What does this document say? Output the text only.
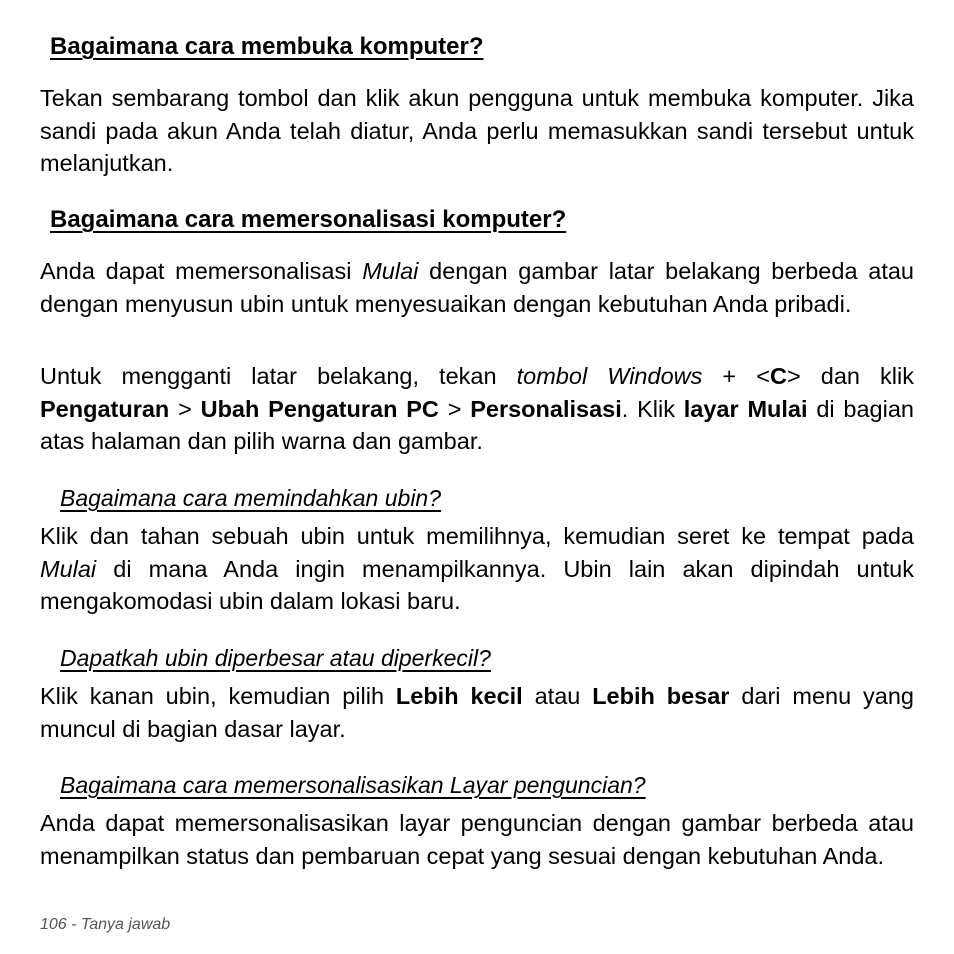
Bagaimana cara membuka komputer?
Tekan sembarang tombol dan klik akun pengguna untuk membuka komputer. Jika sandi pada akun Anda telah diatur, Anda perlu memasukkan sandi tersebut untuk melanjutkan.
Bagaimana cara memersonalisasi komputer?
Anda dapat memersonalisasi Mulai dengan gambar latar belakang berbeda atau dengan menyusun ubin untuk menyesuaikan dengan kebutuhan Anda pribadi.
Untuk mengganti latar belakang, tekan tombol Windows + <C> dan klik Pengaturan > Ubah Pengaturan PC > Personalisasi. Klik layar Mulai di bagian atas halaman dan pilih warna dan gambar.
Bagaimana cara memindahkan ubin?
Klik dan tahan sebuah ubin untuk memilihnya, kemudian seret ke tempat pada Mulai di mana Anda ingin menampilkannya. Ubin lain akan dipindah untuk mengakomodasi ubin dalam lokasi baru.
Dapatkah ubin diperbesar atau diperkecil?
Klik kanan ubin, kemudian pilih Lebih kecil atau Lebih besar dari menu yang muncul di bagian dasar layar.
Bagaimana cara memersonalisasikan Layar penguncian?
Anda dapat memersonalisasikan layar penguncian dengan gambar berbeda atau menampilkan status dan pembaruan cepat yang sesuai dengan kebutuhan Anda.
106 - Tanya jawab
